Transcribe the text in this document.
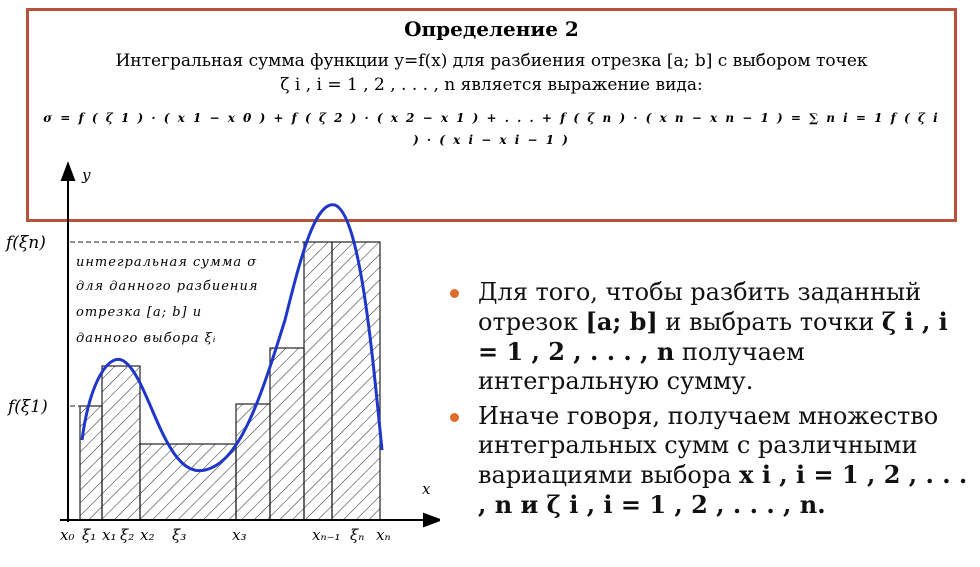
Определение 2
Интегральная сумма функции y=f(x) для разбиения отрезка [a; b] с выбором точек
ζ i , i = 1 , 2 , . . . , n является выражение вида:
σ = f ( ζ 1 ) · ( x 1 − x 0 ) + f ( ζ 2 ) · ( x 2 − x 1 ) + . . . + f ( ζ n ) · ( x n − x n − 1 ) = ∑ n i = 1 f ( ζ i ) · ( x i − x i − 1 )
y
x
f(ξn)
f(ξ1)
интегральная сумма σ
для данного разбиения
отрезка [a; b] и
данного выбора ξᵢ
x₀ ξ₁ x₁ ξ₂ x₂ ξ₃	x₃	xₙ₋₁ ξₙ xₙ
Для того, чтобы разбить заданный отрезок [a; b] и выбрать точки ζ i , i = 1 , 2 , . . . , n получаем интегральную сумму.
Иначе говоря, получаем множество интегральных сумм с различными вариациями выбора x i , i = 1 , 2 , . . . , n и ζ i , i = 1 , 2 , . . . , n.
